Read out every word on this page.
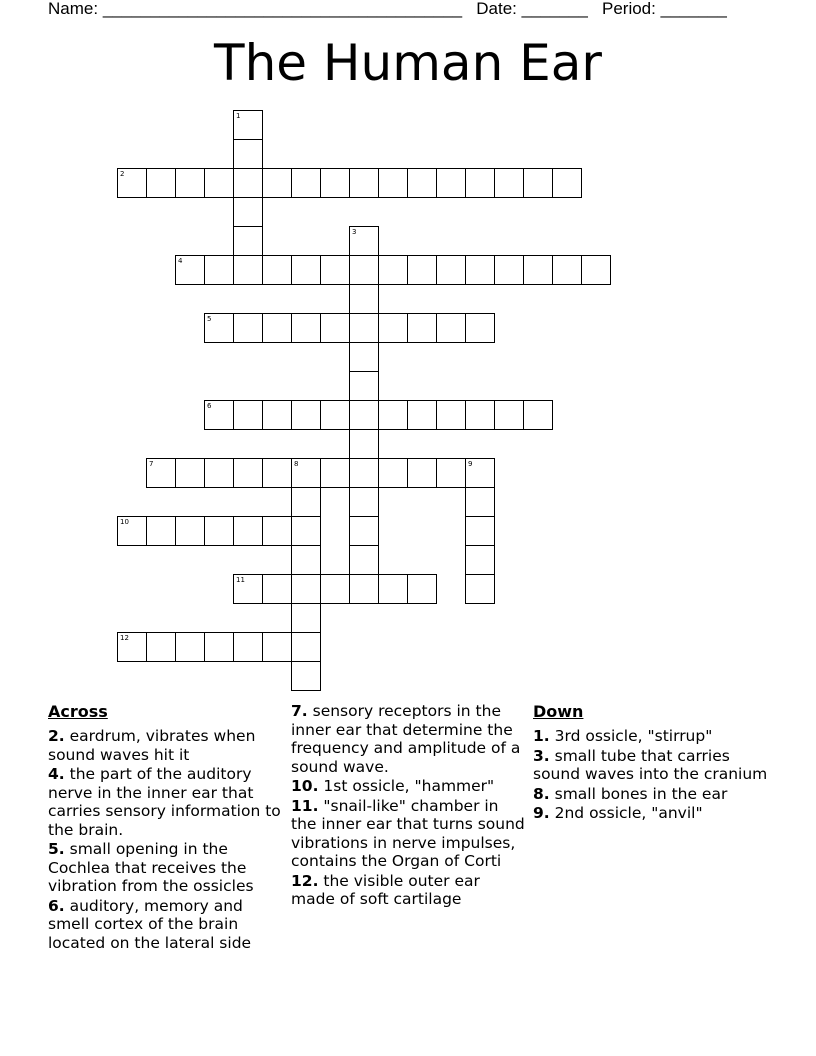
Name: ______________________________________ Date: _______ Period: _______
The Human Ear
1
2
3
4
5
6
7	8	9
10
11
12
Across
2. eardrum, vibrates when sound waves hit it
4. the part of the auditory nerve in the inner ear that carries sensory information to the brain.
5. small opening in the Cochlea that receives the vibration from the ossicles
6. auditory, memory and smell cortex of the brain located on the lateral side
7. sensory receptors in the inner ear that determine the frequency and amplitude of a sound wave.
10. 1st ossicle, "hammer"
11. "snail-like" chamber in the inner ear that turns sound vibrations in nerve impulses, contains the Organ of Corti
12. the visible outer ear made of soft cartilage
Down
1. 3rd ossicle, "stirrup"
3. small tube that carries sound waves into the cranium
8. small bones in the ear
9. 2nd ossicle, "anvil"
